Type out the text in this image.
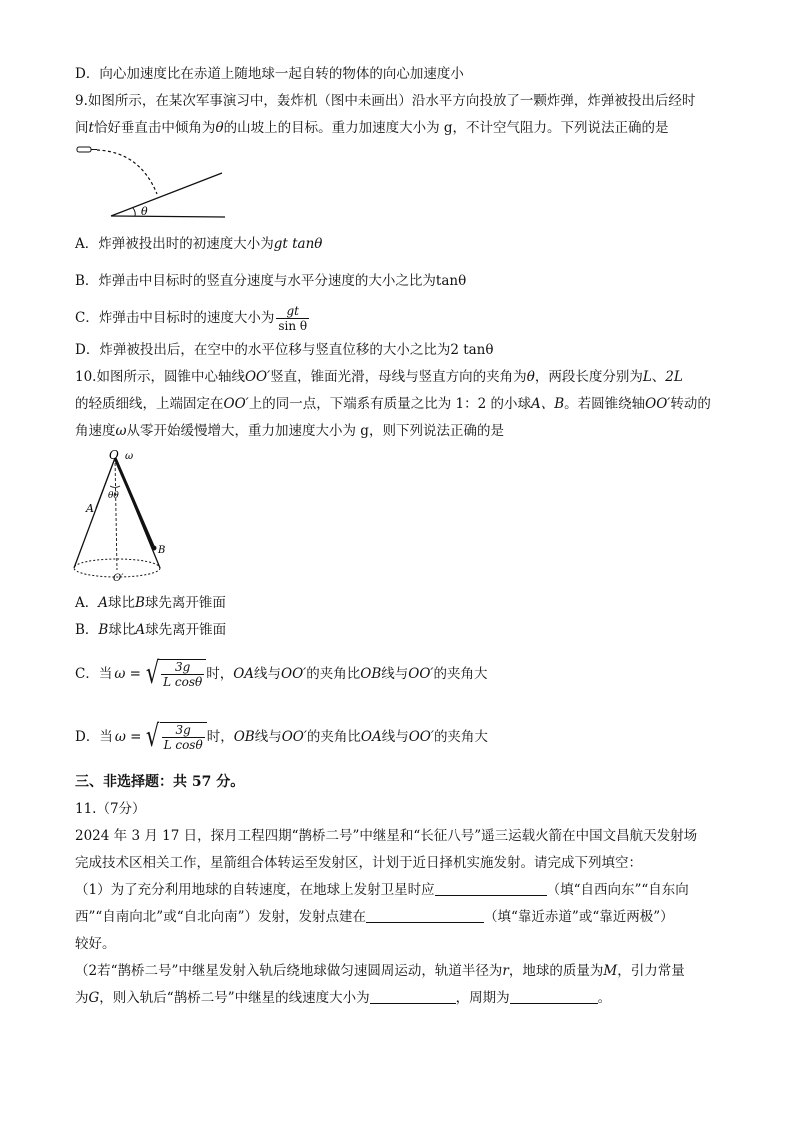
D．向心加速度比在赤道上随地球一起自转的物体的向心加速度小
9.如图所示，在某次军事演习中，轰炸机（图中未画出）沿水平方向投放了一颗炸弹，炸弹被投出后经时
间t恰好垂直击中倾角为θ的山坡上的目标。重力加速度大小为 g，不计空气阻力。下列说法正确的是
θ
A．炸弹被投出时的初速度大小为gt tanθ
B．炸弹击中目标时的竖直分速度与水平分速度的大小之比为tanθ
C．炸弹击中目标时的速度大小为 $\frac{gt}{\text{sin θ}}$
D．炸弹被投出后，在空中的水平位移与竖直位移的大小之比为2 tanθ
10.如图所示，圆锥中心轴线OO′竖直，锥面光滑，母线与竖直方向的夹角为θ，两段长度分别为L、2L
的轻质细线，上端固定在OO′上的同一点，下端系有质量之比为 1：2 的小球A、B。若圆锥绕轴OO′转动的
角速度ω从零开始缓慢增大，重力加速度大小为 g，则下列说法正确的是
O ω
θθ
A
B
O′
A．A球比B球先离开锥面
B．B球比A球先离开锥面
C．当 ω = √ $\frac{3g}{\text{L cosθ}}$ 时， OA 线与 OO′ 的夹角比 OB 线与 OO′ 的夹角大
D．当 ω = √ $\frac{3g}{\text{L cosθ}}$ 时， OB 线与 OO′ 的夹角比 OA 线与 OO′ 的夹角大
三、非选择题：共 57 分。
11.（7分）
2024 年 3 月 17 日，探月工程四期“鹊桥二号”中继星和“长征八号”遥三运载火箭在中国文昌航天发射场
完成技术区相关工作，星箭组合体转运至发射区，计划于近日择机实施发射。请完成下列填空：
（1）为了充分利用地球的自转速度，在地球上发射卫星时应	（填“自西向东”“自东向
西”“自南向北”或“自北向南”）发射，发射点建在	（填“靠近赤道”或“靠近两极”）
较好。
（2若“鹊桥二号”中继星发射入轨后绕地球做匀速圆周运动，轨道半径为r，地球的质量为M，引力常量
为G，则入轨后“鹊桥二号”中继星的线速度大小为	，周期为	。
